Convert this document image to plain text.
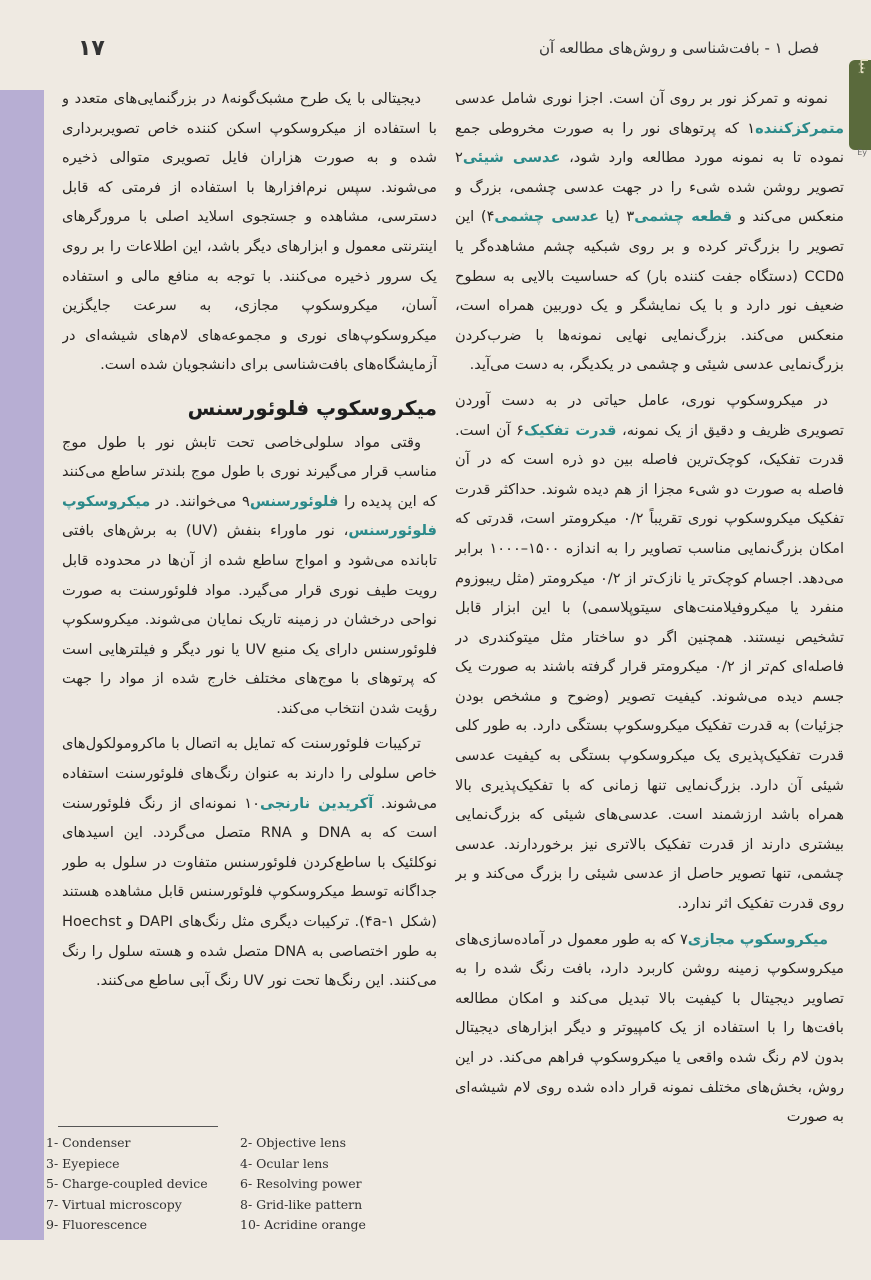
بنیا
Ey
۱۷	فصل ۱ - بافت‌شناسی و روش‌های مطالعه آن

نمونه و تمرکز نور بر روی آن است. اجزا نوری شامل عدسی متمرکزکننده۱ که پرتوهای نور را به صورت مخروطی جمع نموده تا به نمونه مورد مطالعه وارد شود، عدسی شیئی۲ تصویر روشن شده شیء را در جهت عدسی چشمی، بزرگ و منعکس می‌کند و قطعه چشمی۳ (یا عدسی چشمی۴) این تصویر را بزرگ‌تر کرده و بر روی شبکیه چشم مشاهده‌گر یا CCD۵ (دستگاه جفت کننده بار) که حساسیت بالایی به سطوح ضعیف نور دارد و با یک نمایشگر و یک دوربین همراه است، منعکس می‌کند. بزرگ‌نمایی نهایی نمونه‌ها با ضرب‌کردن بزرگ‌نمایی عدسی شیئی و چشمی در یکدیگر، به دست می‌آید.

در میکروسکوپ نوری، عامل حیاتی در به دست آوردن تصویری ظریف و دقیق از یک نمونه، قدرت تفکیک۶ آن است. قدرت تفکیک، کوچک‌ترین فاصله بین دو ذره است که در آن فاصله به صورت دو شیء مجزا از هم دیده شوند. حداکثر قدرت تفکیک میکروسکوپ نوری تقریباً ۰/۲ میکرومتر است، قدرتی که امکان بزرگ‌نمایی مناسب تصاویر را به اندازه ۱۵۰۰–۱۰۰۰ برابر می‌دهد. اجسام کوچک‌تر یا نازک‌تر از ۰/۲ میکرومتر (مثل ریبوزوم منفرد یا میکروفیلامنت‌های سیتوپلاسمی) با این ابزار قابل تشخیص نیستند. همچنین اگر دو ساختار مثل میتوکندری در فاصله‌ای کم‌تر از ۰/۲ میکرومتر قرار گرفته باشند به صورت یک جسم دیده می‌شوند. کیفیت تصویر (وضوح و مشخص بودن جزئیات) به قدرت تفکیک میکروسکوپ بستگی دارد. به طور کلی قدرت تفکیک‌پذیری یک میکروسکوپ بستگی به کیفیت عدسی شیئی آن دارد. بزرگ‌نمایی تنها زمانی که با تفکیک‌پذیری بالا همراه باشد ارزشمند است. عدسی‌های شیئی که بزرگ‌نمایی بیشتری دارند از قدرت تفکیک بالاتری نیز برخوردارند. عدسی چشمی، تنها تصویر حاصل از عدسی شیئی را بزرگ می‌کند و بر روی قدرت تفکیک اثر ندارد.

میکروسکوپ مجازی۷ که به طور معمول در آماده‌سازی‌های میکروسکوپ زمینه روشن کاربرد دارد، بافت رنگ شده را به تصاویر دیجیتال با کیفیت بالا تبدیل می‌کند و امکان مطالعه بافت‌ها را با استفاده از یک کامپیوتر و دیگر ابزارهای دیجیتال بدون لام رنگ شده واقعی یا میکروسکوپ فراهم می‌کند. در این روش، بخش‌های مختلف نمونه قرار داده شده روی لام شیشه‌ای به صورت

دیجیتالی با یک طرح مشبک‌گونه۸ در بزرگنمایی‌های متعدد و با استفاده از میکروسکوپ اسکن کننده خاص تصویربرداری شده و به صورت هزاران فایل تصویری متوالی ذخیره می‌شوند. سپس نرم‌افزارها با استفاده از فرمتی که قابل دسترسی، مشاهده و جستجوی اسلاید اصلی با مرورگرهای اینترنتی معمول و ابزارهای دیگر باشد، این اطلاعات را بر روی یک سرور ذخیره می‌کنند. با توجه به منافع مالی و استفاده آسان، میکروسکوپ مجازی، به سرعت جایگزین میکروسکوپ‌های نوری و مجموعه‌های لام‌های شیشه‌ای در آزمایشگاه‌های بافت‌شناسی برای دانشجویان شده است.

میکروسکوپ فلوئورسنس

وقتی مواد سلولی‌خاصی تحت تابش نور با طول موج مناسب قرار می‌گیرند نوری با طول موج بلندتر ساطع می‌کنند که این پدیده را فلوئورسنس۹ می‌خوانند. در میکروسکوپ فلوئورسنس، نور ماوراء بنفش (UV) به برش‌های بافتی تابانده می‌شود و امواج ساطع شده از آن‌ها در محدوده قابل رویت طیف نوری قرار می‌گیرد. مواد فلوئورسنت به صورت نواحی درخشان در زمینه تاریک نمایان می‌شوند. میکروسکوپ فلوئورسنس دارای یک منبع UV یا نور دیگر و فیلترهایی است که پرتوهای با موج‌های مختلف خارج شده از مواد را جهت رؤیت شدن انتخاب می‌کند.

ترکیبات فلوئورسنت که تمایل به اتصال با ماکرومولکول‌های خاص سلولی را دارند به عنوان رنگ‌های فلوئورسنت استفاده می‌شوند. آکریدین نارنجی۱۰ نمونه‌ای از رنگ فلوئورسنت است که به DNA و RNA متصل می‌گردد. این اسیدهای نوکلئیک با ساطع‌کردن فلوئورسنس متفاوت در سلول به طور جداگانه توسط میکروسکوپ فلوئورسنس قابل مشاهده هستند (شکل ۴a-۱). ترکیبات دیگری مثل رنگ‌های DAPI و Hoechst به طور اختصاصی به DNA متصل شده و هسته سلول را رنگ می‌کنند. این رنگ‌ها تحت نور UV رنگ آبی ساطع می‌کنند.

1- Condenser	2- Objective lens
3- Eyepiece	4- Ocular lens
5- Charge-coupled device	6- Resolving power
7- Virtual microscopy	8- Grid-like pattern
9- Fluorescence	10- Acridine orange
